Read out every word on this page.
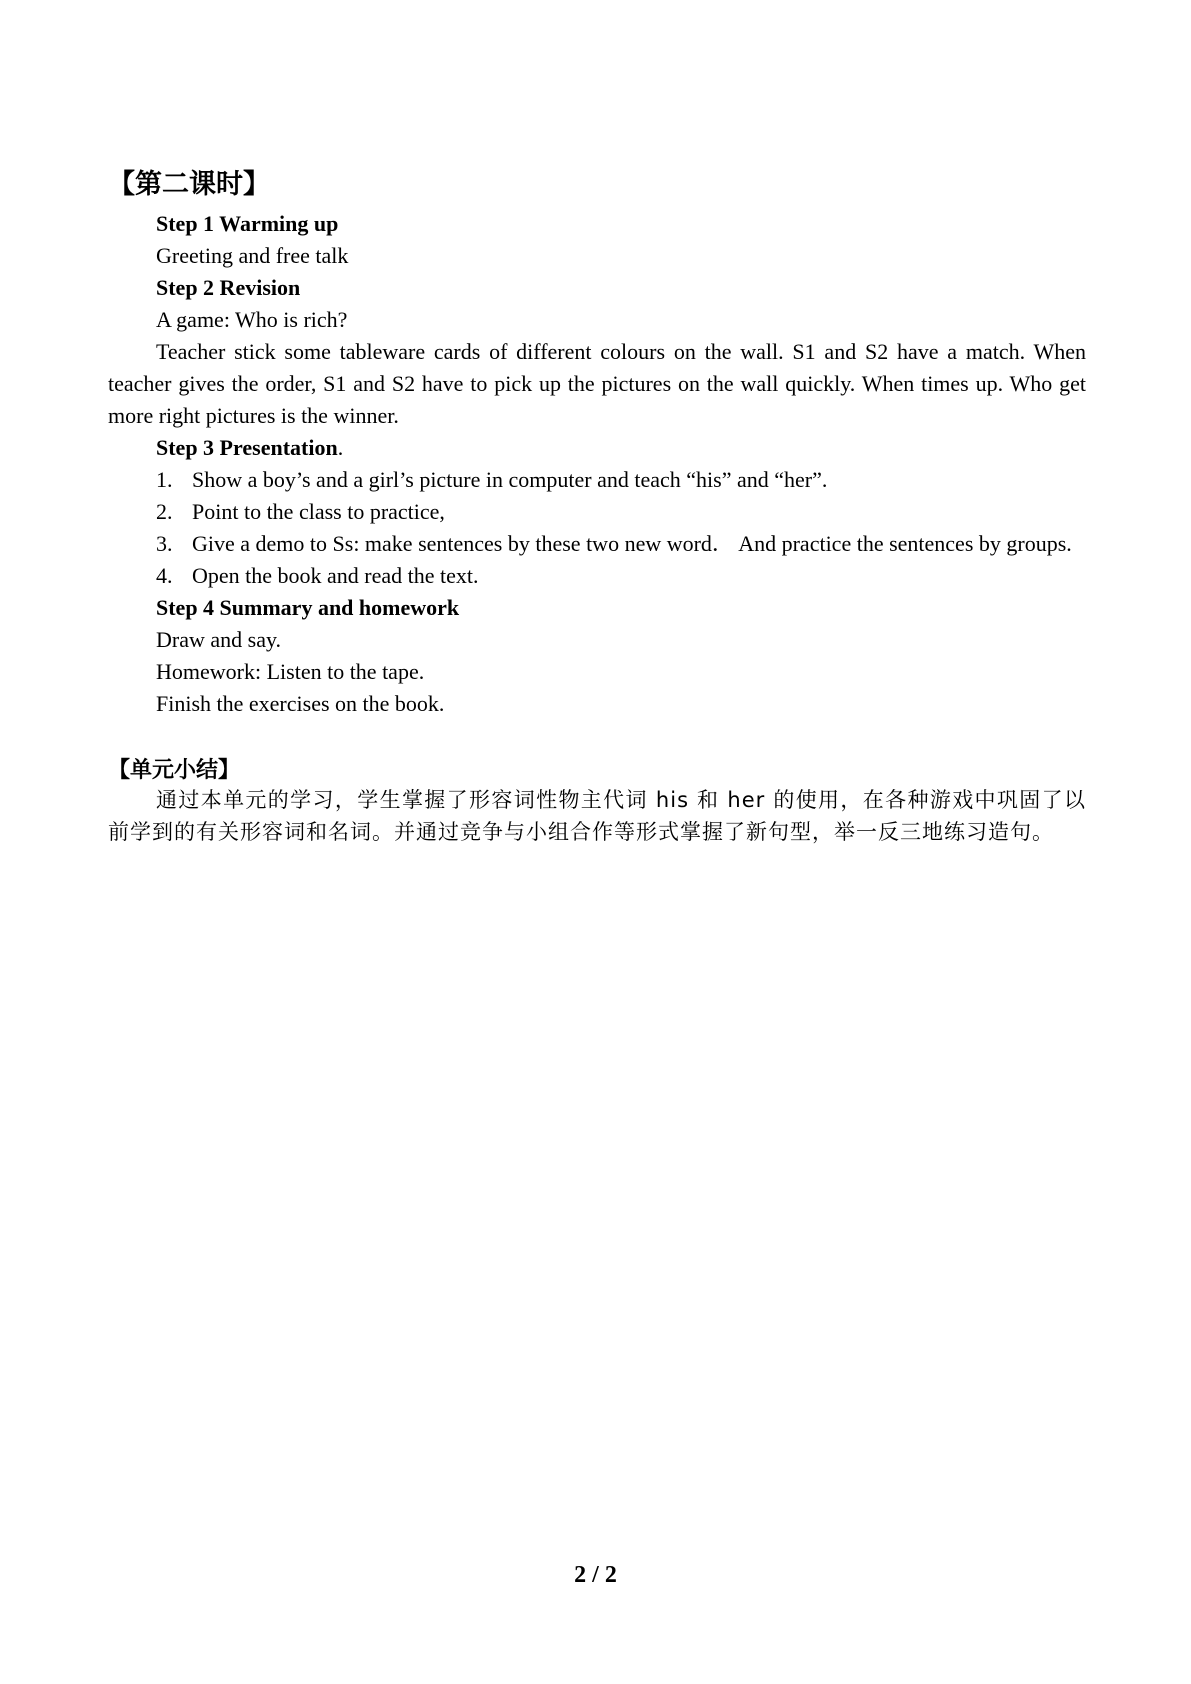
【第二课时】

Step 1 Warming up

Greeting and free talk

Step 2 Revision

A game: Who is rich?

Teacher stick some tableware cards of different colours on the wall. S1 and S2 have a match. When teacher gives the order, S1 and S2 have to pick up the pictures on the wall quickly. When times up. Who get more right pictures is the winner.

Step 3 Presentation.

1. Show a boy’s and a girl’s picture in computer and teach “his” and “her”.

2. Point to the class to practice,

3. Give a demo to Ss: make sentences by these two new word． And practice the sentences by groups.

4. Open the book and read the text.

Step 4 Summary and homework

Draw and say.

Homework: Listen to the tape.

Finish the exercises on the book.

【单元小结】

通过本单元的学习，学生掌握了形容词性物主代词 his 和 her 的使用，在各种游戏中巩固了以前学到的有关形容词和名词。并通过竞争与小组合作等形式掌握了新句型，举一反三地练习造句。

2 / 2
